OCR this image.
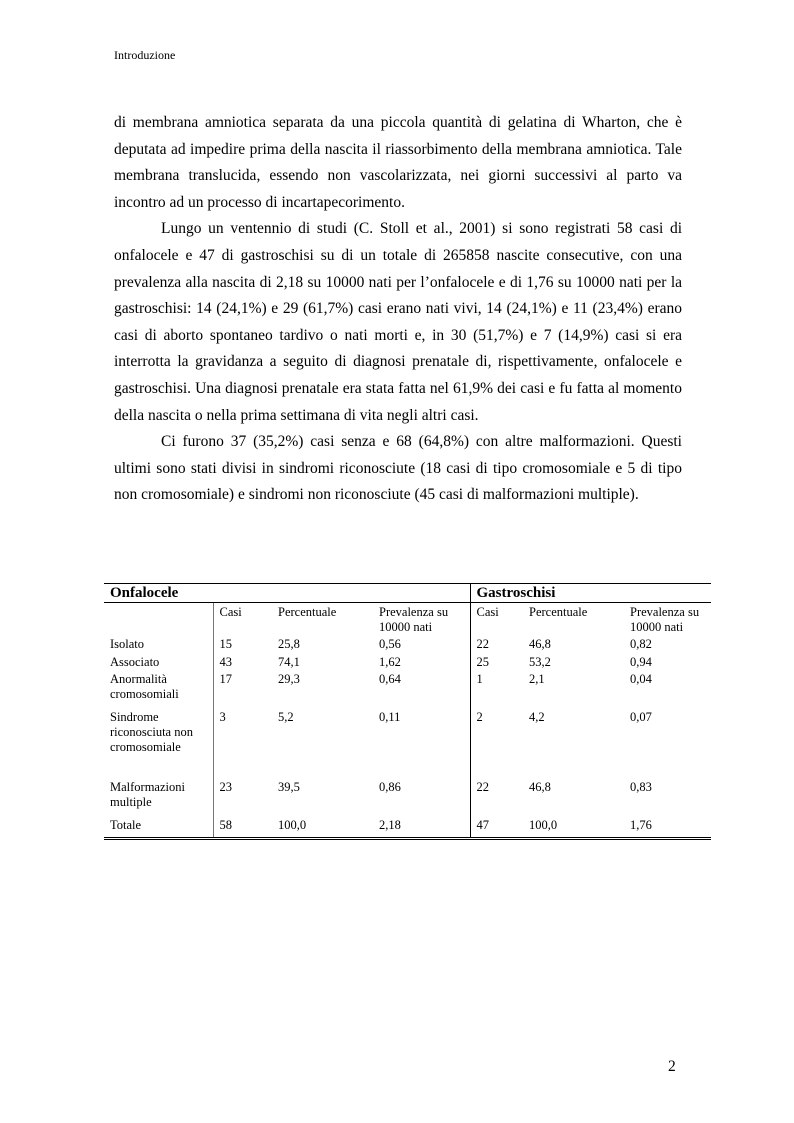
Introduzione

di membrana amniotica separata da una piccola quantità di gelatina di Wharton, che è deputata ad impedire prima della nascita il riassorbimento della membrana amniotica. Tale membrana translucida, essendo non vascolarizzata, nei giorni successivi al parto va incontro ad un processo di incartapecorimento.

Lungo un ventennio di studi (C. Stoll et al., 2001) si sono registrati 58 casi di onfalocele e 47 di gastroschisi su di un totale di 265858 nascite consecutive, con una prevalenza alla nascita di 2,18 su 10000 nati per l’onfalocele e di 1,76 su 10000 nati per la gastroschisi: 14 (24,1%) e 29 (61,7%) casi erano nati vivi, 14 (24,1%) e 11 (23,4%) erano casi di aborto spontaneo tardivo o nati morti e, in 30 (51,7%) e 7 (14,9%) casi si era interrotta la gravidanza a seguito di diagnosi prenatale di, rispettivamente, onfalocele e gastroschisi. Una diagnosi prenatale era stata fatta nel 61,9% dei casi e fu fatta al momento della nascita o nella prima settimana di vita negli altri casi.

Ci furono 37 (35,2%) casi senza e 68 (64,8%) con altre malformazioni. Questi ultimi sono stati divisi in sindromi riconosciute (18 casi di tipo cromosomiale e 5 di tipo non cromosomiale) e sindromi non riconosciute (45 casi di malformazioni multiple).

Onfalocele				Gastroschisi		
	Casi	Percentuale	Prevalenza su 10000 nati	Casi	Percentuale	Prevalenza su 10000 nati
Isolato	15	25,8	0,56	22	46,8	0,82
Associato	43	74,1	1,62	25	53,2	0,94
Anormalità cromosomiali	17	29,3	0,64	1	2,1	0,04
Sindrome riconosciuta non cromosomiale	3	5,2	0,11	2	4,2	0,07
Malformazioni multiple	23	39,5	0,86	22	46,8	0,83
Totale	58	100,0	2,18	47	100,0	1,76
2
